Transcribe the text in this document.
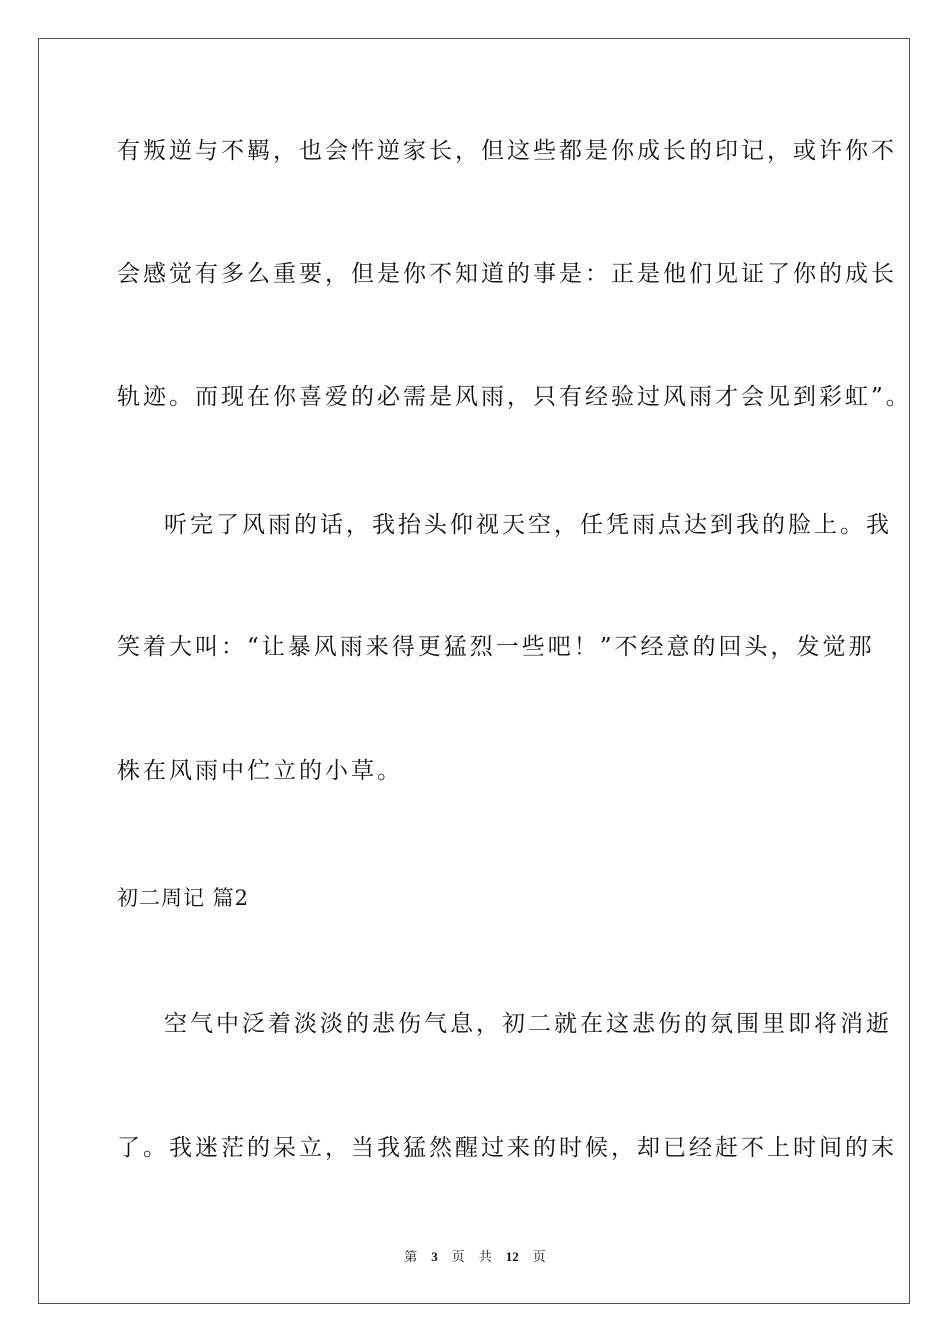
有叛逆与不羁，也会忤逆家长，但这些都是你成长的印记，或许你不
会感觉有多么重要，但是你不知道的事是：正是他们见证了你的成长
轨迹。而现在你喜爱的必需是风雨，只有经验过风雨才会见到彩虹”。
听完了风雨的话，我抬头仰视天空，任凭雨点达到我的脸上。我
笑着大叫：“让暴风雨来得更猛烈一些吧！”不经意的回头，发觉那
株在风雨中伫立的小草。
初二周记 篇2
空气中泛着淡淡的悲伤气息，初二就在这悲伤的氛围里即将消逝
了。我迷茫的呆立，当我猛然醒过来的时候，却已经赶不上时间的末
第 3 页 共 12 页
